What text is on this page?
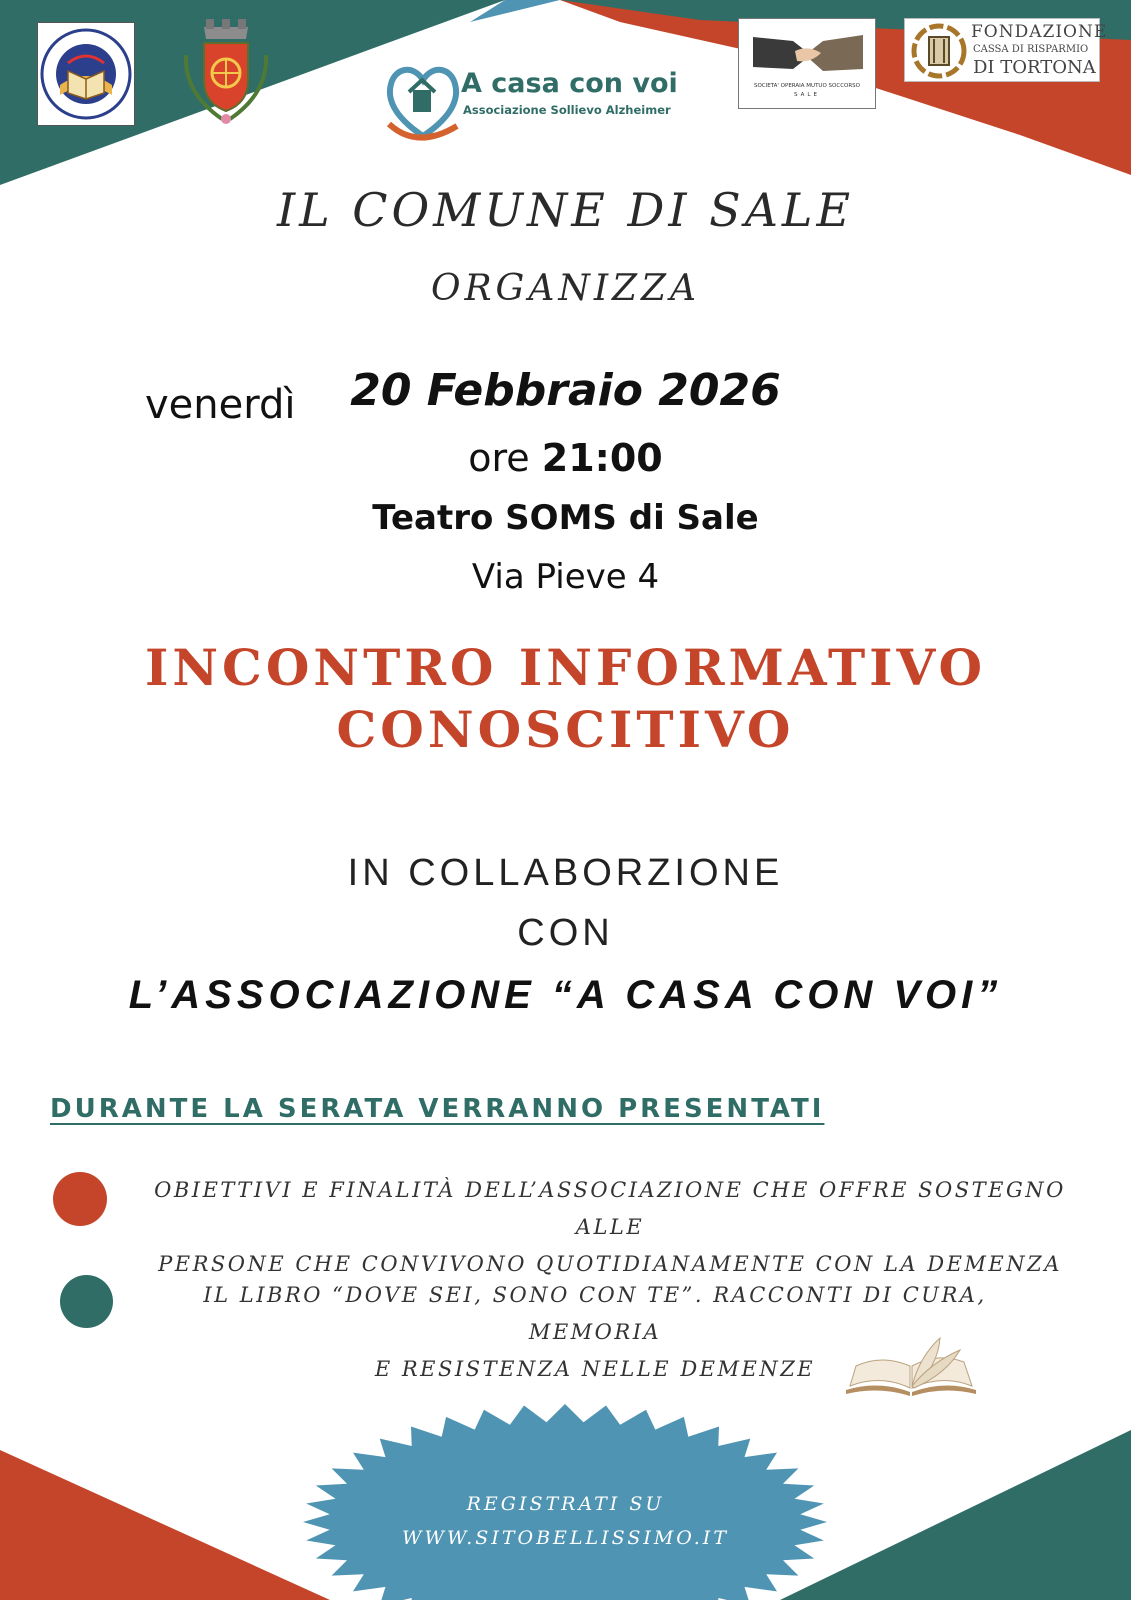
A casa con voi
Associazione Sollievo Alzheimer
SOCIETA' OPERAIA MUTUO SOCCORSO
SALE
FONDAZIONE
CASSA DI RISPARMIO
DI TORTONA
IL COMUNE DI SALE
ORGANIZZA
venerdì	20 Febbraio 2026
ore 21:00
Teatro SOMS di Sale
Via Pieve 4
INCONTRO INFORMATIVO
CONOSCITIVO
IN COLLABORZIONE
CON
L’ASSOCIAZIONE “A CASA CON VOI”
DURANTE LA SERATA VERRANNO PRESENTATI
OBIETTIVI E FINALITÀ DELL’ASSOCIAZIONE CHE OFFRE SOSTEGNO ALLE
PERSONE CHE CONVIVONO QUOTIDIANAMENTE CON LA DEMENZA
IL LIBRO “DOVE SEI, SONO CON TE”. RACCONTI DI CURA, MEMORIA
E RESISTENZA NELLE DEMENZE
REGISTRATI SU
WWW.SITOBELLISSIMO.IT
